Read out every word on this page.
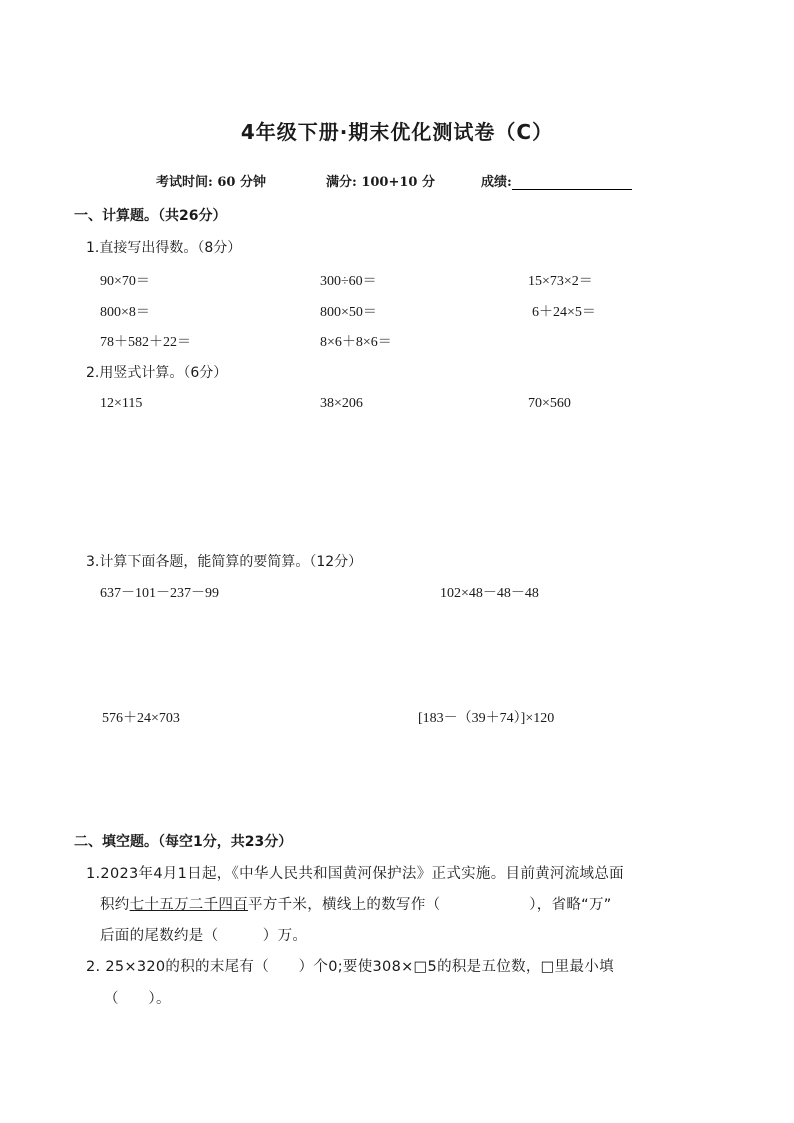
4年级下册·期末优化测试卷（C）
考试时间: 60 分钟	满分: 100+10 分	成绩:
一、计算题。（共26分）
1.直接写出得数。（8分）
90×70＝	300÷60＝	15×73×2＝
800×8＝	800×50＝	6＋24×5＝
78＋582＋22＝	8×6＋8×6＝
2.用竖式计算。（6分）
12×115	38×206	70×560
3.计算下面各题，能简算的要简算。（12分）
637－101－237－99	102×48－48－48
576＋24×703	[183－（39＋74）]×120
二、填空题。（每空1分，共23分）
1.2023年4月1日起，《中华人民共和国黄河保护法》正式实施。目前黄河流域总面
积约七十五万二千四百平方千米，横线上的数写作（　　　　　　），省略“万”
后面的尾数约是（　　　）万。
2. 25×320的积的末尾有（　　）个0;要使308×□5的积是五位数，□里最小填
（　　）。
